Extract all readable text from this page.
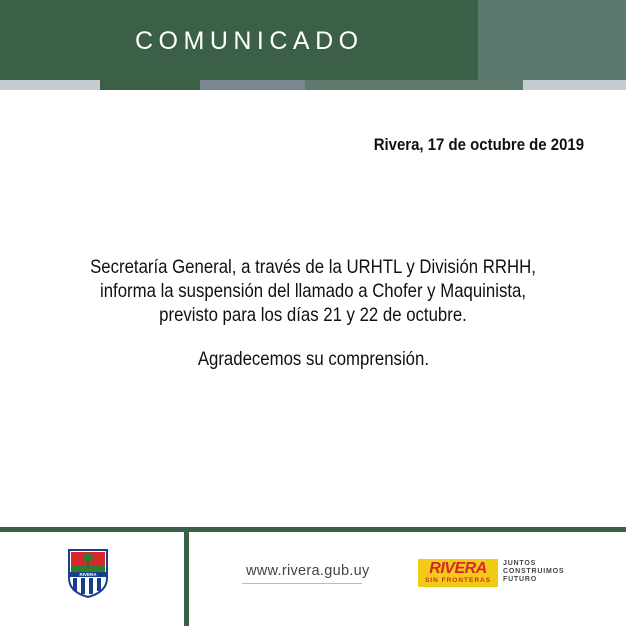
COMUNICADO
Rivera, 17 de octubre de 2019
Secretaría General, a través de la URHTL y División RRHH,
informa la suspensión del llamado a Chofer y Maquinista,
previsto para los días 21 y 22 de octubre.
Agradecemos su comprensión.
RIVERA	www.rivera.gub.uy	RIVERA
SIN FRONTERAS
JUNTOS
CONSTRUIMOS
FUTURO
